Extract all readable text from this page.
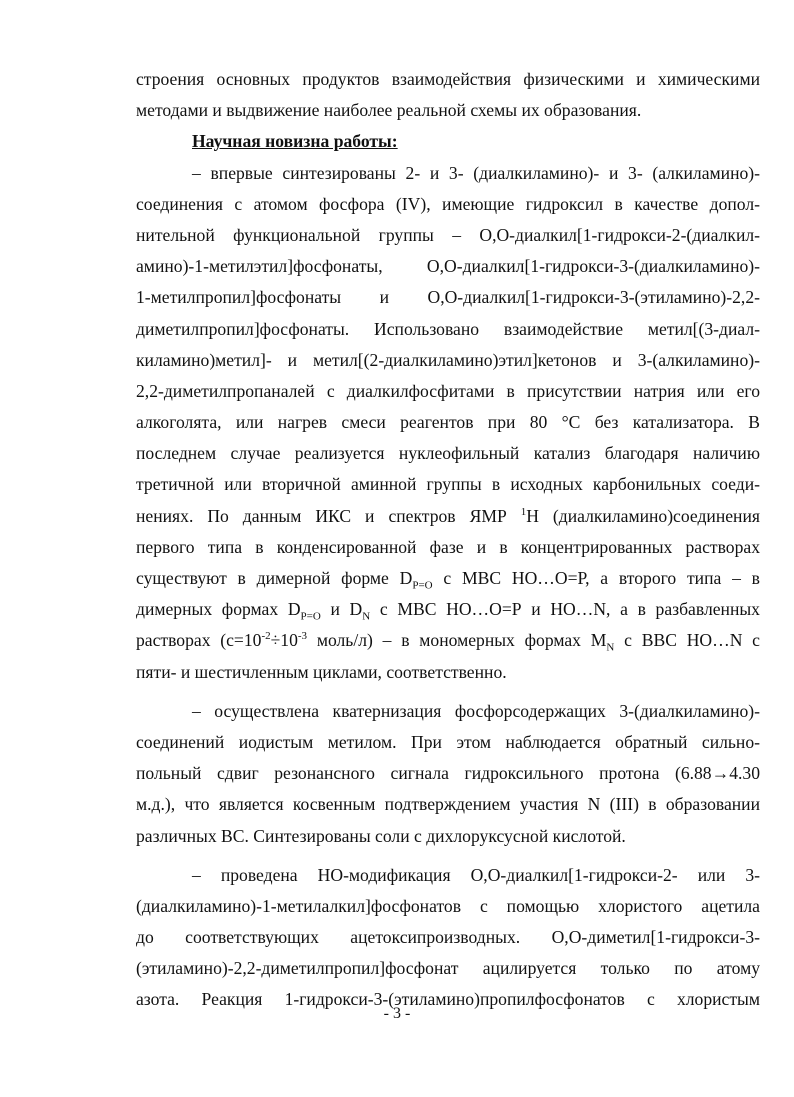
строения основных продуктов взаимодействия физическими и химическими
методами и выдвижение наиболее реальной схемы их образования.
Научная новизна работы:
– впервые синтезированы 2- и 3- (диалкиламино)- и 3- (алкиламино)-
соединения с атомом фосфора (IV), имеющие гидроксил в качестве допол-
нительной функциональной группы – О,О-диалкил[1-гидрокси-2-(диалкил-
амино)-1-метилэтил]фосфонаты, О,О-диалкил[1-гидрокси-3-(диалкиламино)-
1-метилпропил]фосфонаты и О,О-диалкил[1-гидрокси-3-(этиламино)-2,2-
диметилпропил]фосфонаты. Использовано взаимодействие метил[(3-диал-
киламино)метил]- и метил[(2-диалкиламино)этил]кетонов и 3-(алкиламино)-
2,2-диметилпропаналей с диалкилфосфитами в присутствии натрия или его
алкоголята, или нагрев смеси реагентов при 80 °С без катализатора. В
последнем случае реализуется нуклеофильный катализ благодаря наличию
третичной или вторичной аминной группы в исходных карбонильных соеди-
нениях. По данным ИКС и спектров ЯМР $^1$H (диалкиламино)соединения
первого типа в конденсированной фазе и в концентрированных растворах
существуют в димерной форме $D_{P=O}$ с МВС НО…О=Р, а второго типа – в
димерных формах $D_{P=O}$ и $D_N$ с МВС НО…О=Р и НО…N, а в разбавленных
растворах ($с=10^{-2}\div 10^{-3}$ моль/л) – в мономерных формах $M_N$ с ВВС НО…N с
пяти- и шестичленным циклами, соответственно.
– осуществлена кватернизация фосфорсодержащих 3-(диалкиламино)-
соединений иодистым метилом. При этом наблюдается обратный сильно-
польный сдвиг резонансного сигнала гидроксильного протона (6.88→4.30
м.д.), что является косвенным подтверждением участия N (III) в образовании
различных ВС. Синтезированы соли с дихлоруксусной кислотой.
– проведена НО-модификация О,О-диалкил[1-гидрокси-2- или 3-
(диалкиламино)-1-метилалкил]фосфонатов с помощью хлористого ацетила
до соответствующих ацетоксипроизводных. О,О-диметил[1-гидрокси-3-
(этиламино)-2,2-диметилпропил]фосфонат ацилируется только по атому
азота. Реакция 1-гидрокси-3-(этиламино)пропилфосфонатов с хлористым
- 3 -
